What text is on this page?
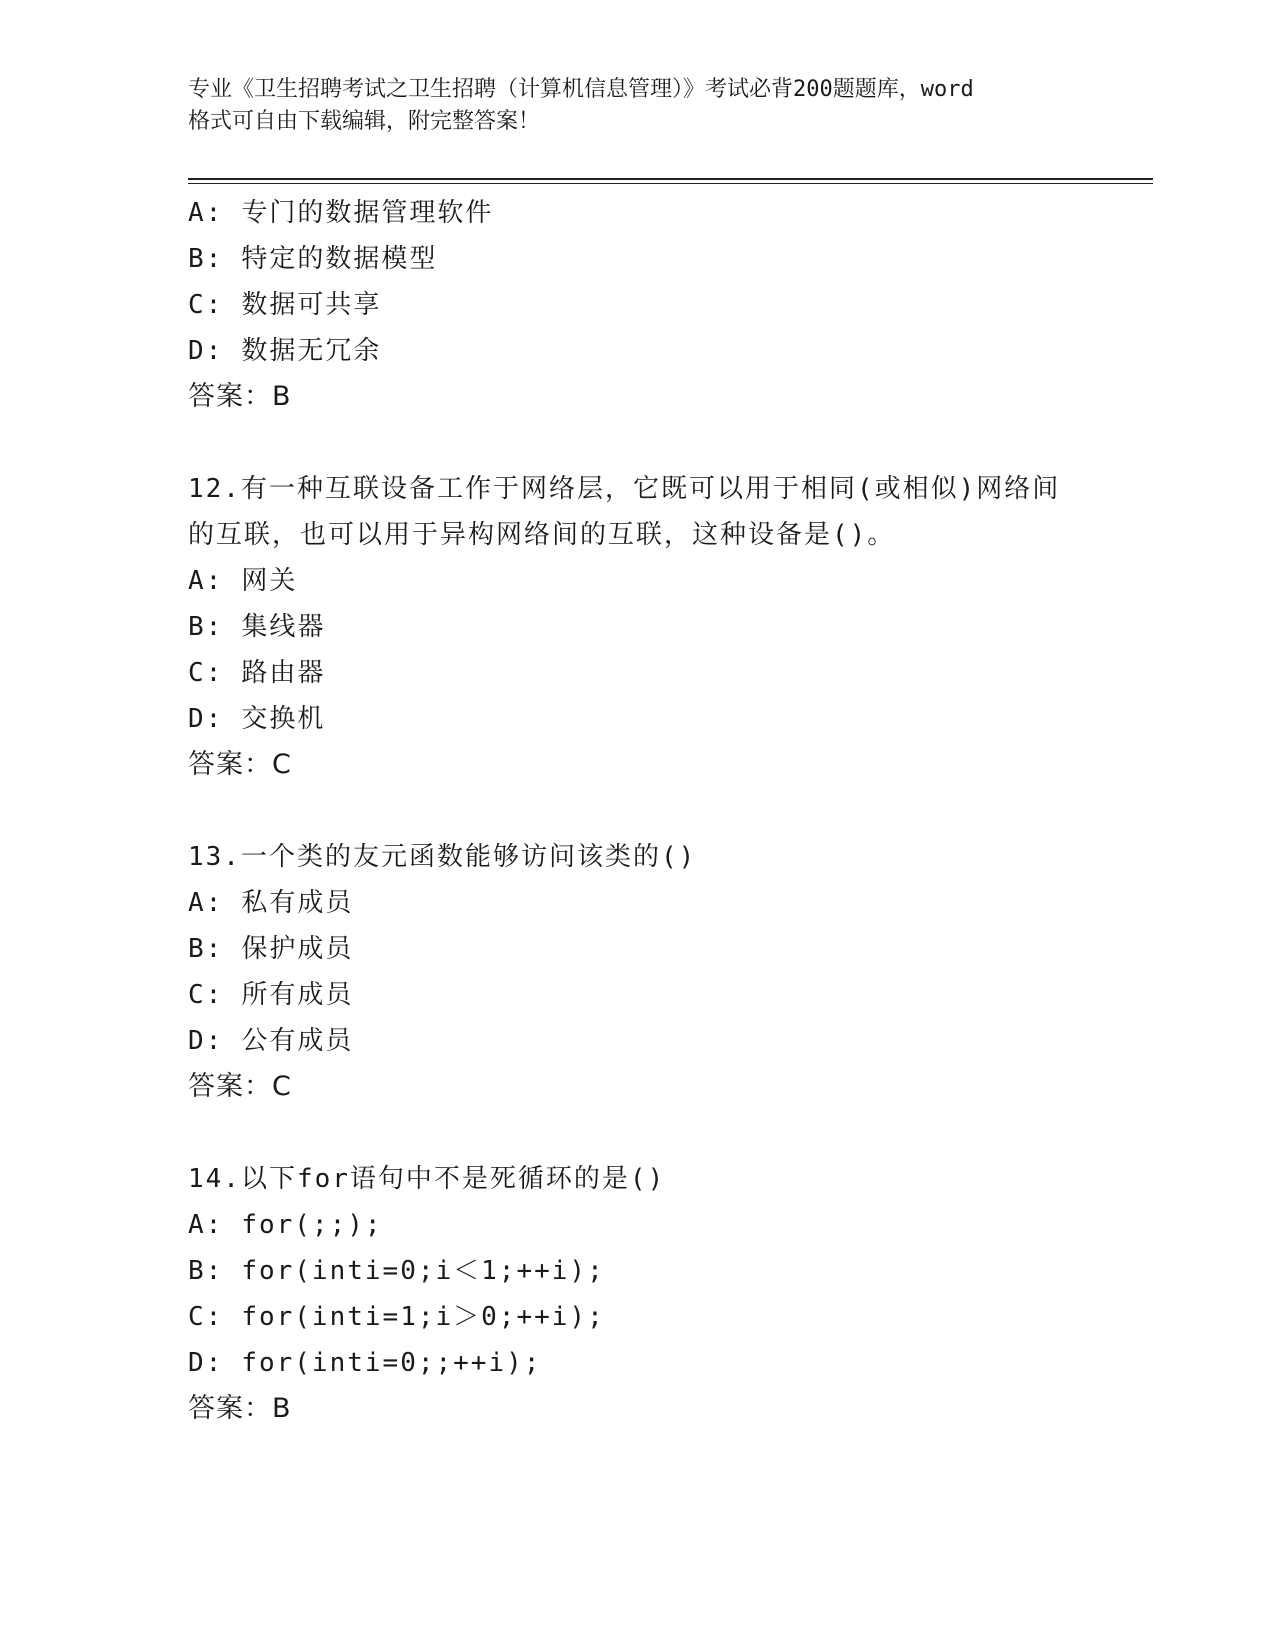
专业《卫生招聘考试之卫生招聘（计算机信息管理）》考试必背200题题库，word
格式可自由下载编辑，附完整答案！
A: 专门的数据管理软件
B: 特定的数据模型
C: 数据可共享
D: 数据无冗余
答案：B
12.有一种互联设备工作于网络层，它既可以用于相同(或相似)网络间
的互联，也可以用于异构网络间的互联，这种设备是()。
A: 网关
B: 集线器
C: 路由器
D: 交换机
答案：C
13.一个类的友元函数能够访问该类的()
A: 私有成员
B: 保护成员
C: 所有成员
D: 公有成员
答案：C
14.以下for语句中不是死循环的是()
A: for(;;);
B: for(inti=0;i＜1;++i);
C: for(inti=1;i＞0;++i);
D: for(inti=0;;++i);
答案：B
